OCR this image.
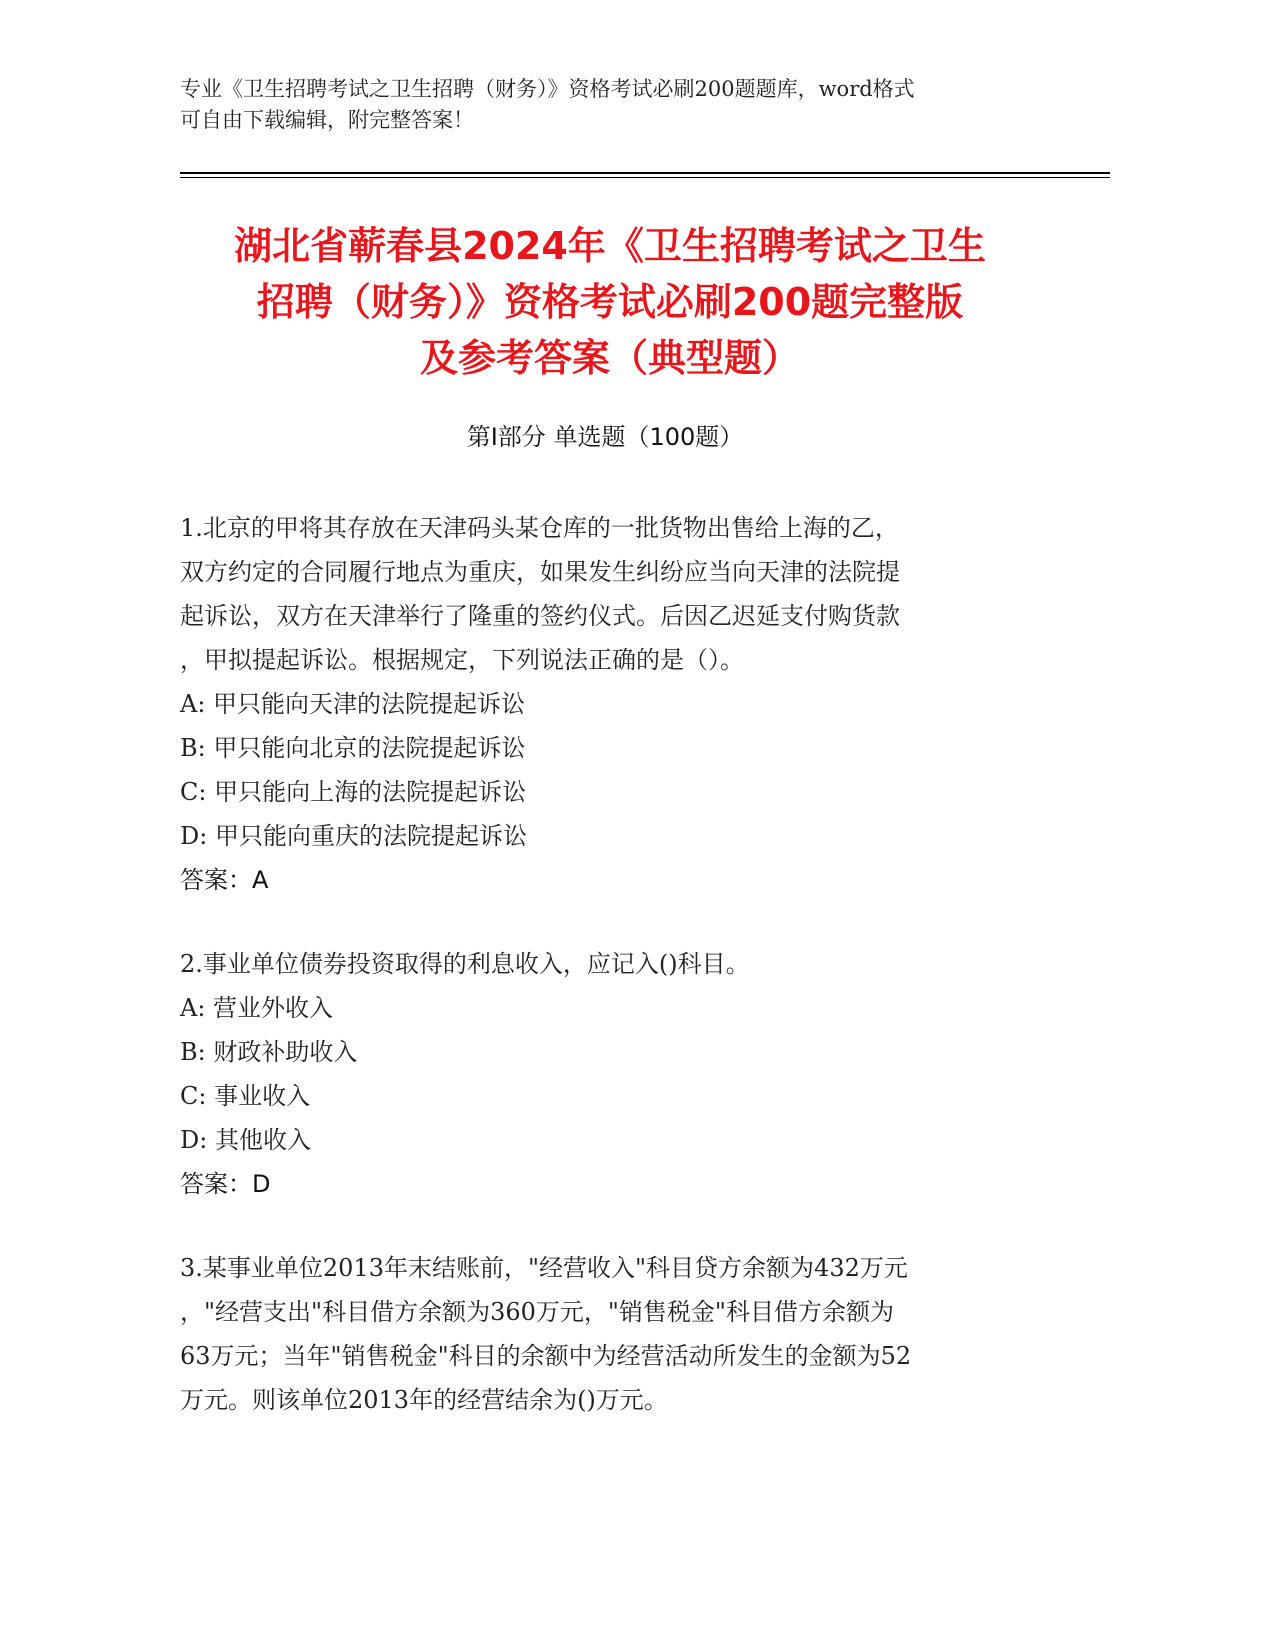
专业《卫生招聘考试之卫生招聘（财务）》资格考试必刷200题题库，word格式
可自由下载编辑，附完整答案！
湖北省蕲春县2024年《卫生招聘考试之卫生
招聘（财务）》资格考试必刷200题完整版
及参考答案（典型题）
第Ⅰ部分 单选题（100题）

1.北京的甲将其存放在天津码头某仓库的一批货物出售给上海的乙，

双方约定的合同履行地点为重庆，如果发生纠纷应当向天津的法院提

起诉讼，双方在天津举行了隆重的签约仪式。后因乙迟延支付购货款

，甲拟提起诉讼。根据规定，下列说法正确的是（）。

A: 甲只能向天津的法院提起诉讼

B: 甲只能向北京的法院提起诉讼

C: 甲只能向上海的法院提起诉讼

D: 甲只能向重庆的法院提起诉讼

答案：A

2.事业单位债券投资取得的利息收入，应记入()科目。

A: 营业外收入

B: 财政补助收入

C: 事业收入

D: 其他收入

答案：D

3.某事业单位2013年末结账前，"经营收入"科目贷方余额为432万元

，"经营支出"科目借方余额为360万元，"销售税金"科目借方余额为

63万元；当年"销售税金"科目的余额中为经营活动所发生的金额为52

万元。则该单位2013年的经营结余为()万元。
